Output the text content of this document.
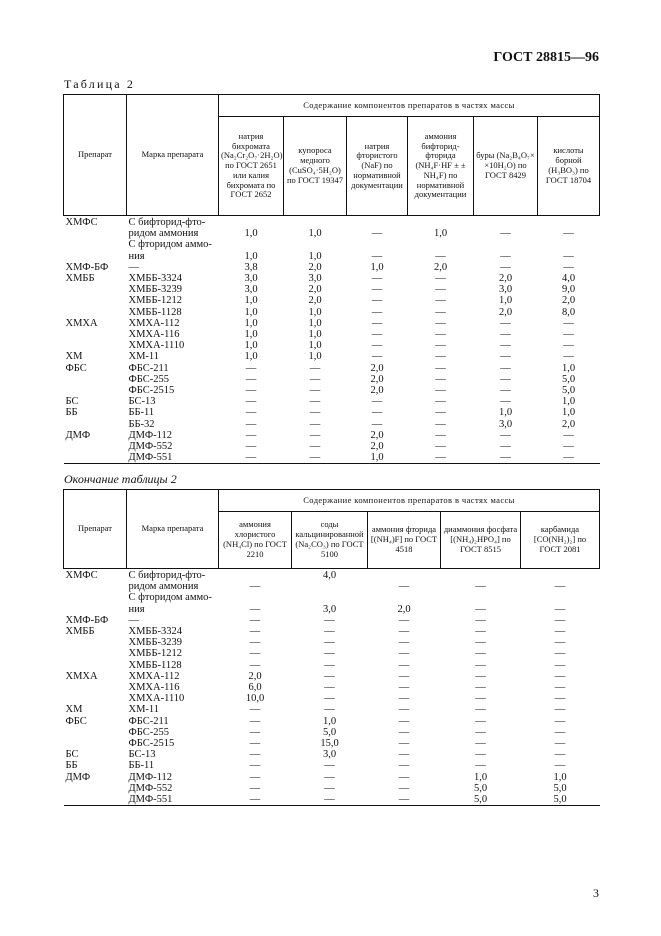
ГОСТ 28815—96
Таблица 2
Препарат	Марка препарата	Содержание компонентов препаратов в частях массы					
		натрия бихромата (Na₂Cr₂O₇·2H₂O) по ГОСТ 2651 или калия бихромата по ГОСТ 2652	купороса медного (CuSO₄·5H₂O) по ГОСТ 19347	натрия фтористого (NaF) по нормативной документации	аммония бифторид-фторида (NH₄F·HF ± ± NH₄F) по нормативной документации	буры (Na₂B₄O₇× ×10H₂O) по ГОСТ 8429	кислоты борной (H₃BO₃) по ГОСТ 18704
ХМФС	С бифторид-фто-						
	ридом аммония	1,0	1,0	—	1,0	—	—
	С фторидом аммо-						
	ния	1,0	1,0	—	—	—	—
ХМФ-БФ	—	3,8	2,0	1,0	2,0	—	—
ХМББ	ХМББ-3324	3,0	3,0	—	—	2,0	4,0
	ХМББ-3239	3,0	2,0	—	—	3,0	9,0
	ХМББ-1212	1,0	2,0	—	—	1,0	2,0
	ХМББ-1128	1,0	1,0	—	—	2,0	8,0
ХМХА	ХМХА-112	1,0	1,0	—	—	—	—
	ХМХА-116	1,0	1,0	—	—	—	—
	ХМХА-1110	1,0	1,0	—	—	—	—
ХМ	ХМ-11	1,0	1,0	—	—	—	—
ФБС	ФБС-211	—	—	2,0	—	—	1,0
	ФБС-255	—	—	2,0	—	—	5,0
	ФБС-2515	—	—	2,0	—	—	5,0
БС	БС-13	—	—	—	—	—	1,0
ББ	ББ-11	—	—	—	—	1,0	1,0
	ББ-32	—	—	—	—	3,0	2,0
ДМФ	ДМФ-112	—	—	2,0	—	—	—
	ДМФ-552	—	—	2,0	—	—	—
	ДМФ-551	—	—	1,0	—	—	—
Окончание таблицы 2
Препарат	Марка препарата	Содержание компонентов препаратов в частях массы				
		аммония хлористого (NH₄Cl) по ГОСТ 2210	соды кальцинированной (Na₂CO₃) по ГОСТ 5100	аммония фторида [(NH₄)F] по ГОСТ 4518	диаммония фосфата [(NH₄)₂HPO₄] по ГОСТ 8515	карбамида [CO(NH₂)₂] по ГОСТ 2081
ХМФС	С бифторид-фто-		4,0			
	ридом аммония	—		—	—	—
	С фторидом аммо-					
	ния	—	3,0	2,0	—	—
ХМФ-БФ	—	—	—	—	—	—
ХМББ	ХМББ-3324	—	—	—	—	—
	ХМББ-3239	—	—	—	—	—
	ХМББ-1212	—	—	—	—	—
	ХМББ-1128	—	—	—	—	—
ХМХА	ХМХА-112	2,0	—	—	—	—
	ХМХА-116	6,0	—	—	—	—
	ХМХА-1110	10,0	—	—	—	—
ХМ	ХМ-11	—	—	—	—	—
ФБС	ФБС-211	—	1,0	—	—	—
	ФБС-255	—	5,0	—	—	—
	ФБС-2515	—	15,0	—	—	—
БС	БС-13	—	3,0	—	—	—
ББ	ББ-11	—	—	—	—	—
ДМФ	ДМФ-112	—	—	—	1,0	1,0
	ДМФ-552	—	—	—	5,0	5,0
	ДМФ-551	—	—	—	5,0	5,0
3
